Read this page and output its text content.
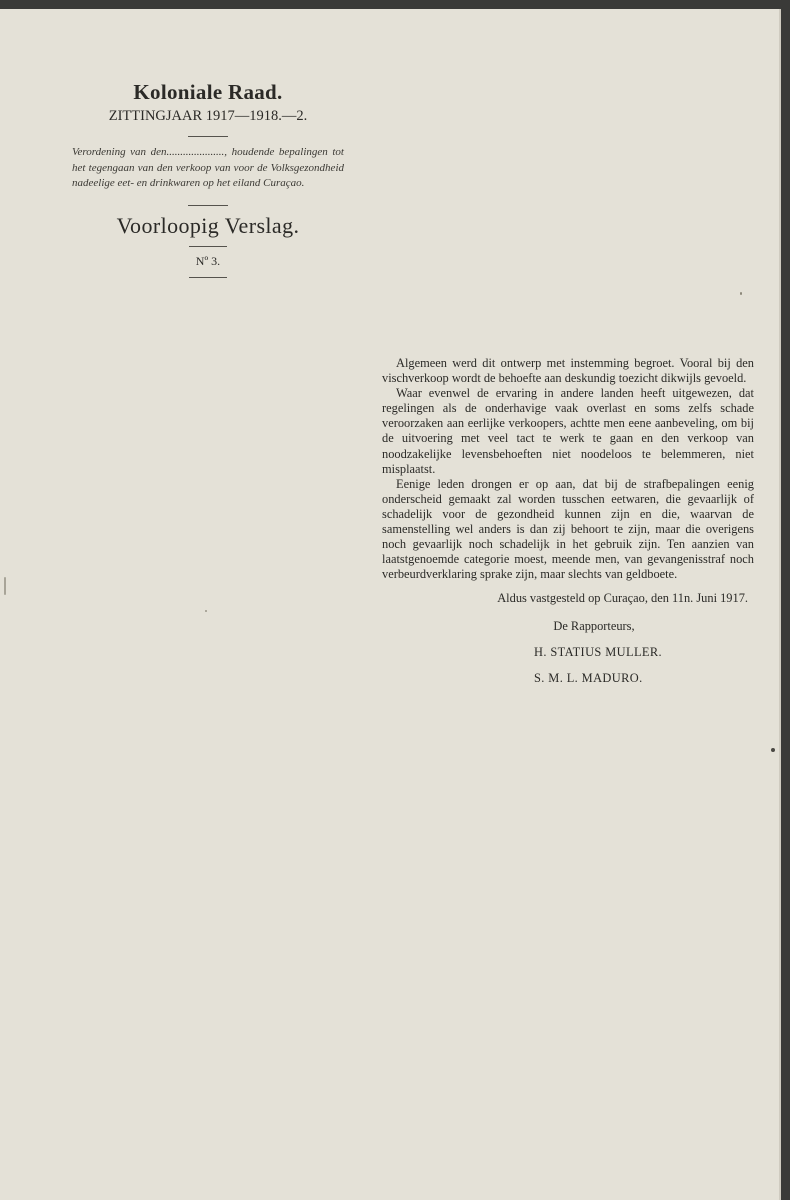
Koloniale Raad.
ZITTINGJAAR 1917—1918.—2.
Verordening van den....................., houdende bepalingen tot het tegengaan van den verkoop van voor de Volksgezondheid nadeelige eet- en drinkwaren op het eiland Curaçao.
Voorloopig Verslag.
Nº 3.

Algemeen werd dit ontwerp met instemming begroet. Vooral bij den vischverkoop wordt de behoefte aan deskundig toezicht dikwijls gevoeld.

Waar evenwel de ervaring in andere landen heeft uitgewezen, dat regelingen als de onderhavige vaak overlast en soms zelfs schade veroorzaken aan eerlijke verkoopers, achtte men eene aanbeveling, om bij de uitvoering met veel tact te werk te gaan en den verkoop van noodzakelijke levensbehoeften niet noodeloos te belemmeren, niet misplaatst.

Eenige leden drongen er op aan, dat bij de strafbepalingen eenig onderscheid gemaakt zal worden tusschen eetwaren, die gevaarlijk of schadelijk voor de gezondheid kunnen zijn en die, waarvan de samenstelling wel anders is dan zij behoort te zijn, maar die overigens noch gevaarlijk noch schadelijk in het gebruik zijn. Ten aanzien van laatstgenoemde categorie moest, meende men, van gevangenisstraf noch verbeurdverklaring sprake zijn, maar slechts van geldboete.

Aldus vastgesteld op Curaçao, den 11n. Juni 1917.
De Rapporteurs,
H. STATIUS MULLER.
S. M. L. MADURO.
